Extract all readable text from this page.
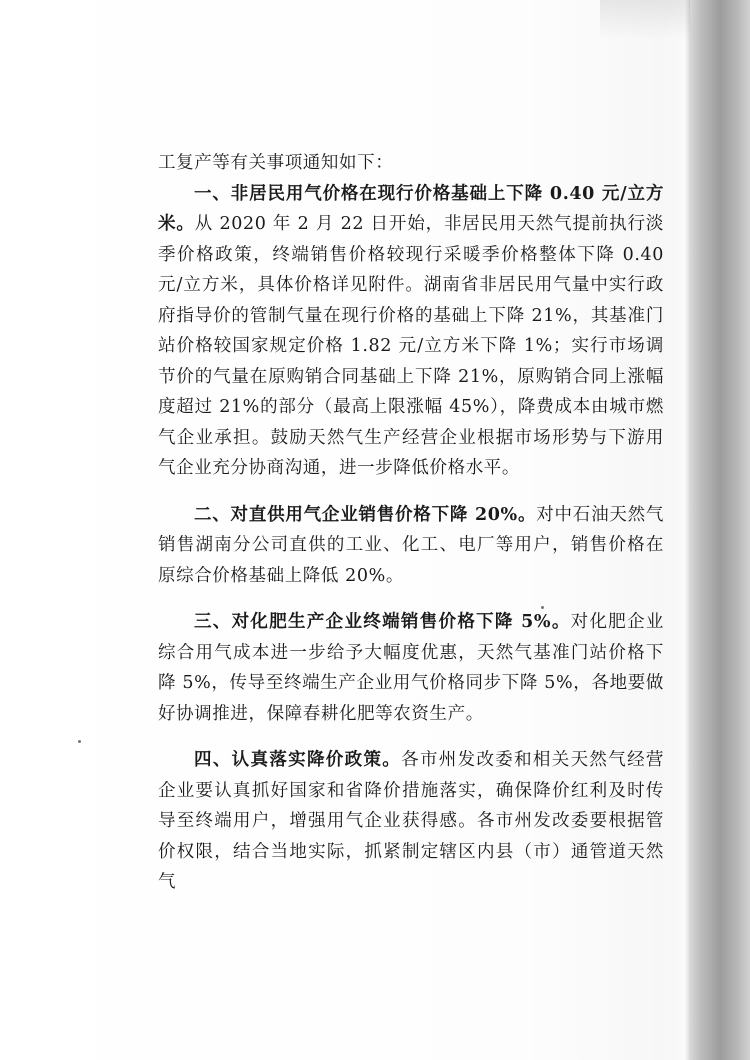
工复产等有关事项通知如下：

一、非居民用气价格在现行价格基础上下降 0.40 元/立方米。从 2020 年 2 月 22 日开始，非居民用天然气提前执行淡季价格政策，终端销售价格较现行采暖季价格整体下降 0.40 元/立方米，具体价格详见附件。湖南省非居民用气量中实行政府指导价的管制气量在现行价格的基础上下降 21%，其基准门站价格较国家规定价格 1.82 元/立方米下降 1%；实行市场调节价的气量在原购销合同基础上下降 21%，原购销合同上涨幅度超过 21%的部分（最高上限涨幅 45%），降费成本由城市燃气企业承担。鼓励天然气生产经营企业根据市场形势与下游用气企业充分协商沟通，进一步降低价格水平。

二、对直供用气企业销售价格下降 20%。对中石油天然气销售湖南分公司直供的工业、化工、电厂等用户，销售价格在原综合价格基础上降低 20%。

三、对化肥生产企业终端销售价格下降 5%。对化肥企业综合用气成本进一步给予大幅度优惠，天然气基准门站价格下降 5%，传导至终端生产企业用气价格同步下降 5%，各地要做好协调推进，保障春耕化肥等农资生产。

四、认真落实降价政策。各市州发改委和相关天然气经营企业要认真抓好国家和省降价措施落实，确保降价红利及时传导至终端用户，增强用气企业获得感。各市州发改委要根据管价权限，结合当地实际，抓紧制定辖区内县（市）通管道天然气
